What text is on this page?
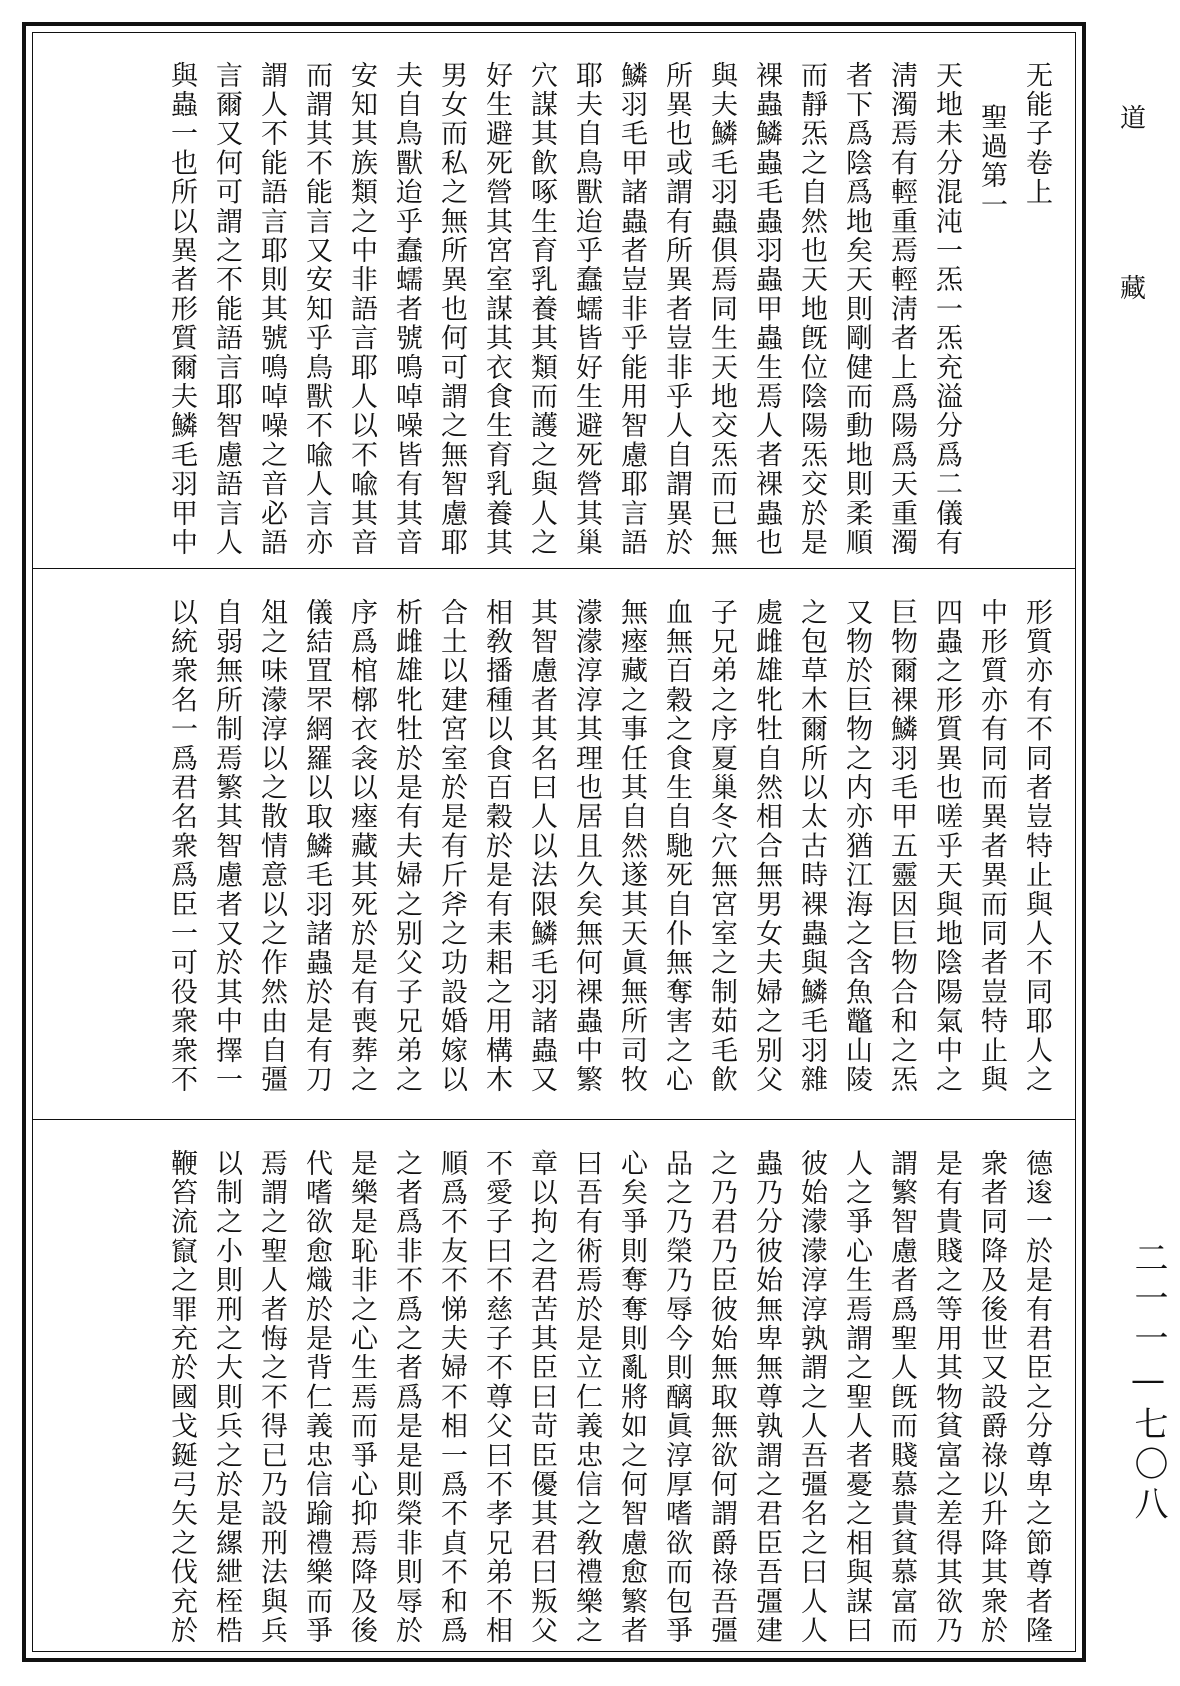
无能子卷上
聖過第一
天地未分混沌一炁一炁充溢分爲二儀有
淸濁焉有輕重焉輕淸者上爲陽爲天重濁
者下爲陰爲地矣天則剛健而動地則柔順
而靜炁之自然也天地旣位陰陽炁交於是
裸蟲鱗蟲毛蟲羽蟲甲蟲生焉人者裸蟲也
與夫鱗毛羽蟲俱焉同生天地交炁而已無
所異也或謂有所異者豈非乎人自謂異於
鱗羽毛甲諸蟲者豈非乎能用智慮耶言語
耶夫自鳥獸迨乎蠢蠕皆好生避死營其巢
穴謀其飮啄生育乳養其類而護之與人之
好生避死營其宮室謀其衣食生育乳養其
男女而私之無所異也何可謂之無智慮耶
夫自鳥獸迨乎蠢蠕者號鳴啅噪皆有其音
安知其族類之中非語言耶人以不喩其音
而謂其不能言又安知乎鳥獸不喩人言亦
謂人不能語言耶則其號鳴啅噪之音必語
言爾又何可謂之不能語言耶智慮語言人
與蟲一也所以異者形質爾夫鱗毛羽甲中
形質亦有不同者豈特止與人不同耶人之
中形質亦有同而異者異而同者豈特止與
四蟲之形質異也嗟乎天與地陰陽氣中之
巨物爾裸鱗羽毛甲五靈因巨物合和之炁
又物於巨物之内亦猶江海之含魚鼈山陵
之包草木爾所以太古時裸蟲與鱗毛羽雜
處雌雄牝牡自然相合無男女夫婦之别父
子兄弟之序夏巢冬穴無宮室之制茹毛飮
血無百穀之食生自馳死自仆無奪害之心
無瘞藏之事任其自然遂其天眞無所司牧
濛濛淳淳其理也居且久矣無何裸蟲中繁
其智慮者其名曰人以法限鱗毛羽諸蟲又
相敎播種以食百穀於是有耒耜之用構木
合土以建宮室於是有斤斧之功設婚嫁以
析雌雄牝牡於是有夫婦之别父子兄弟之
序爲棺槨衣衾以瘞藏其死於是有喪葬之
儀結罝罘網羅以取鱗毛羽諸蟲於是有刀
俎之味濛淳以之散情意以之作然由自彊
自弱無所制焉繁其智慮者又於其中擇一
以統衆名一爲君名衆爲臣一可役衆衆不
德逡一於是有君臣之分尊卑之節尊者隆
衆者同降及後世又設爵祿以升降其衆於
是有貴賤之等用其物貧富之差得其欲乃
謂繁智慮者爲聖人旣而賤慕貴貧慕富而
人之爭心生焉謂之聖人者憂之相與謀曰
彼始濛濛淳淳孰謂之人吾彊名之曰人人
蟲乃分彼始無卑無尊孰謂之君臣吾彊建
之乃君乃臣彼始無取無欲何謂爵祿吾彊
品之乃榮乃辱今則醨眞淳厚嗜欲而包爭
心矣爭則奪奪則亂將如之何智慮愈繁者
曰吾有術焉於是立仁義忠信之敎禮樂之
章以拘之君苦其臣曰苛臣優其君曰叛父
不愛子曰不慈子不尊父曰不孝兄弟不相
順爲不友不悌夫婦不相一爲不貞不和爲
之者爲非不爲之者爲是是則榮非則辱於
是樂是恥非之心生焉而爭心抑焉降及後
代嗜欲愈熾於是背仁義忠信踰禮樂而爭
焉謂之聖人者悔之不得已乃設刑法與兵
以制之小則刑之大則兵之於是縲紲桎梏
鞭笞流竄之罪充於國戈鋋弓矢之伐充於
道
藏
二一一—七〇八
